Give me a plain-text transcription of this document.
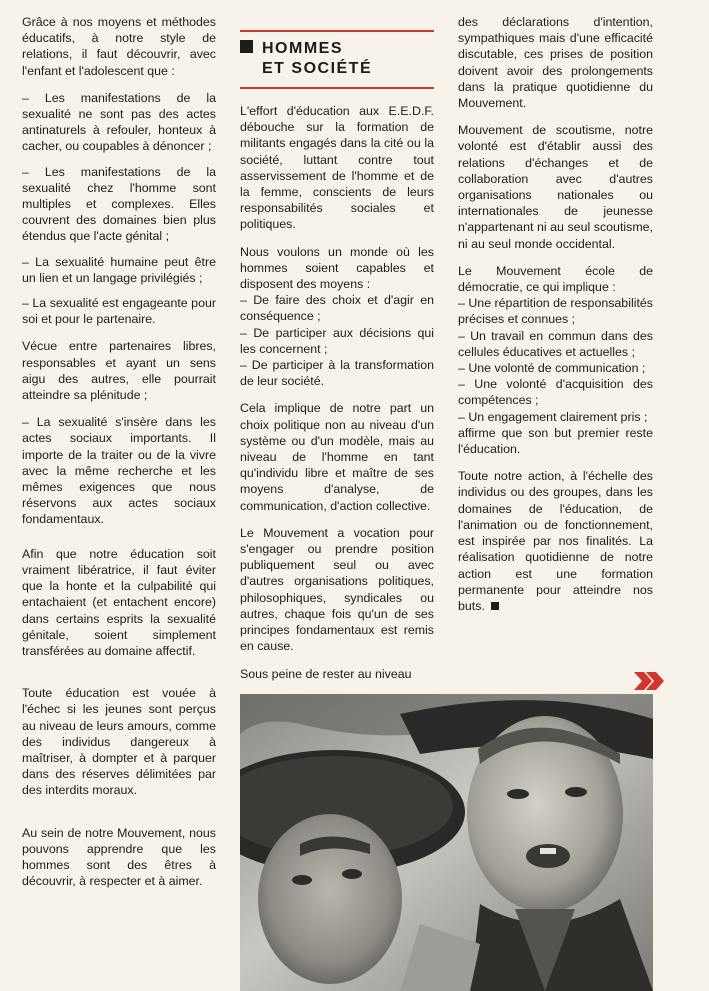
Grâce à nos moyens et méthodes éducatifs, à notre style de relations, il faut découvrir, avec l'enfant et l'adolescent que :

– Les manifestations de la sexualité ne sont pas des actes antinaturels à refouler, honteux à cacher, ou coupables à dénoncer ;

– Les manifestations de la sexualité chez l'homme sont multiples et complexes. Elles couvrent des domaines bien plus étendus que l'acte génital ;

– La sexualité humaine peut être un lien et un langage privilégiés ;

– La sexualité est engageante pour soi et pour le partenaire.

Vécue entre partenaires libres, responsables et ayant un sens aigu des autres, elle pourrait atteindre sa plénitude ;

– La sexualité s'insère dans les actes sociaux importants. Il importe de la traiter ou de la vivre avec la même recherche et les mêmes exigences que nous réservons aux actes sociaux fondamentaux.

Afin que notre éducation soit vraiment libératrice, il faut éviter que la honte et la culpabilité qui entachaient (et entachent encore) dans certains esprits la sexualité génitale, soient simplement transférées au domaine affectif.

Toute éducation est vouée à l'échec si les jeunes sont perçus au niveau de leurs amours, comme des individus dangereux à maîtriser, à dompter et à parquer dans des réserves délimitées par des interdits moraux.

Au sein de notre Mouvement, nous pouvons apprendre que les hommes sont des êtres à découvrir, à respecter et à aimer.

HOMMES
ET SOCIÉTÉ

L'effort d'éducation aux E.E.D.F. débouche sur la formation de militants engagés dans la cité ou la société, luttant contre tout asservissement de l'homme et de la femme, conscients de leurs responsabilités sociales et politiques.

Nous voulons un monde où les hommes soient capables et disposent des moyens :

– De faire des choix et d'agir en conséquence ;

– De participer aux décisions qui les concernent ;

– De participer à la transformation de leur société.

Cela implique de notre part un choix politique non au niveau d'un système ou d'un modèle, mais au niveau de l'homme en tant qu'individu libre et maître de ses moyens d'analyse, de communication, d'action collective.

Le Mouvement a vocation pour s'engager ou prendre position publiquement seul ou avec d'autres organisations politiques, philosophiques, syndicales ou autres, chaque fois qu'un de ses principes fondamentaux est remis en cause.

Sous peine de rester au niveau

des déclarations d'intention, sympathiques mais d'une efficacité discutable, ces prises de position doivent avoir des prolongements dans la pratique quotidienne du Mouvement.

Mouvement de scoutisme, notre volonté est d'établir aussi des relations d'échanges et de collaboration avec d'autres organisations nationales ou internationales de jeunesse n'appartenant ni au seul scoutisme, ni au seul monde occidental.

Le Mouvement école de démocratie, ce qui implique :

– Une répartition de responsabilités précises et connues ;

– Un travail en commun dans des cellules éducatives et actuelles ;

– Une volonté de communication ;

– Une volonté d'acquisition des compétences ;

– Un engagement clairement pris ;

affirme que son but premier reste l'éducation.

Toute notre action, à l'échelle des individus ou des groupes, dans les domaines de l'éducation, de l'animation ou de fonctionnement, est inspirée par nos finalités. La réalisation quotidienne de notre action est une formation permanente pour atteindre nos buts.
